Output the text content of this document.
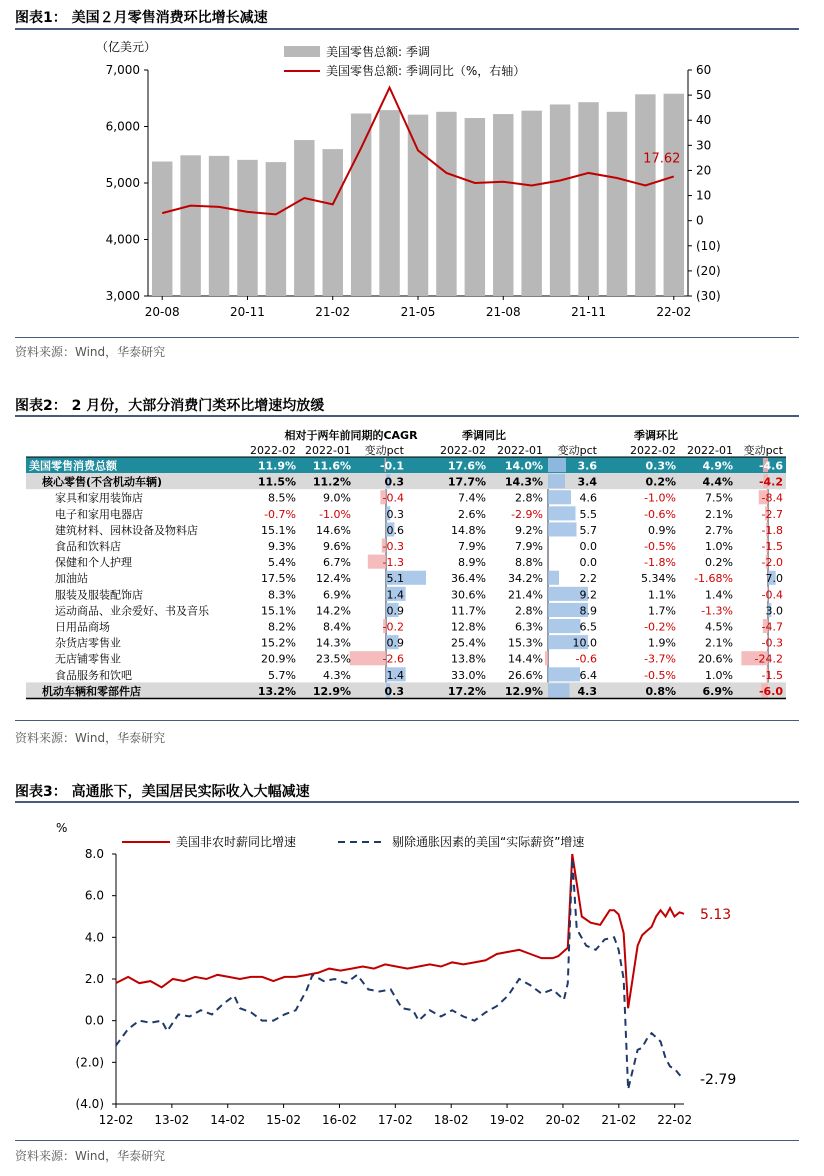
图表1： 美国２月零售消费环比增长减速
（亿美元）	美国零售总额: 季调
美国零售总额: 季调同比（%，右轴）
3,000
4,000
5,000
6,000
7,000	60
50
40
30
20
10
0
(10)
(20)
(30)
20-08	20-11	21-02	21-05	21-08	21-11	22-02
17.62
资料来源：Wind，华泰研究
图表2： 2 月份，大部分消费门类环比增速均放缓
相对于两年前同期的CAGR	季调同比	季调环比
2022-02 2022-01 变动pct	2022-02 2022-01 变动pct	2022-02 2022-01 变动pct
美国零售消费总额	11.9% 11.6%	-0.1	17.6% 14.0%	3.6	0.3% 4.9% -4.6
核心零售(不含机动车辆)	11.5% 11.2%	0.3	17.7% 14.3%	3.4	0.2% 4.4% -4.2
家具和家用装饰店	8.5% 9.0%	-0.4	7.4%	2.8%	4.6	-1.0%	7.5%	-8.4
电子和家用电器店	-0.7% -1.0%	0.3	2.6% -2.9%	5.5	-0.6%	2.1%	-2.7
建筑材料、园林设备及物料店	15.1% 14.6%	0.6	14.8%	9.2%	5.7	0.9%	2.7%	-1.8
食品和饮料店	9.3% 9.6%	-0.3	7.9%	7.9%	0.0	-0.5%	1.0%	-1.5
保健和个人护理	5.4% 6.7%	-1.3	8.9%	8.8%	0.0	-1.8%	0.2%	-2.0
加油站	17.5% 12.4%	5.1	36.4% 34.2%	2.2	5.34% -1.68%	7.0
服装及服装配饰店	8.3% 6.9%	1.4	30.6% 21.4%	9.2	1.1%	1.4%	-0.4
运动商品、业余爱好、书及音乐	15.1% 14.2%	0.9	11.7%	2.8%	8.9	1.7% -1.3%	3.0
日用品商场	8.2% 8.4%	-0.2	12.8%	6.3%	6.5	-0.2%	4.5%	-4.7
杂货店零售业	15.2% 14.3%	0.9	25.4% 15.3%	10.0	1.9%	2.1%	-0.3
无店铺零售业	20.9% 23.5%	-2.6	13.8% 14.4%	-0.6	-3.7% 20.6% -24.2
食品服务和饮吧	5.7% 4.3%	1.4	33.0% 26.6%	6.4	-0.5%	1.0%	-1.5
机动车辆和零部件店	13.2% 12.9%	0.3	17.2% 12.9%	4.3	0.8% 6.9% -6.0
资料来源：Wind，华泰研究
图表3： 高通胀下，美国居民实际收入大幅减速
%
美国非农时薪同比增速	剔除通胀因素的美国“实际薪资”增速
8.0
6.0
4.0
2.0
0.0
(2.0)
(4.0)
12-02 13-02 14-02 15-02 16-02 17-02 18-02 19-02 20-02 21-02 22-02
5.13
-2.79
资料来源：Wind，华泰研究
